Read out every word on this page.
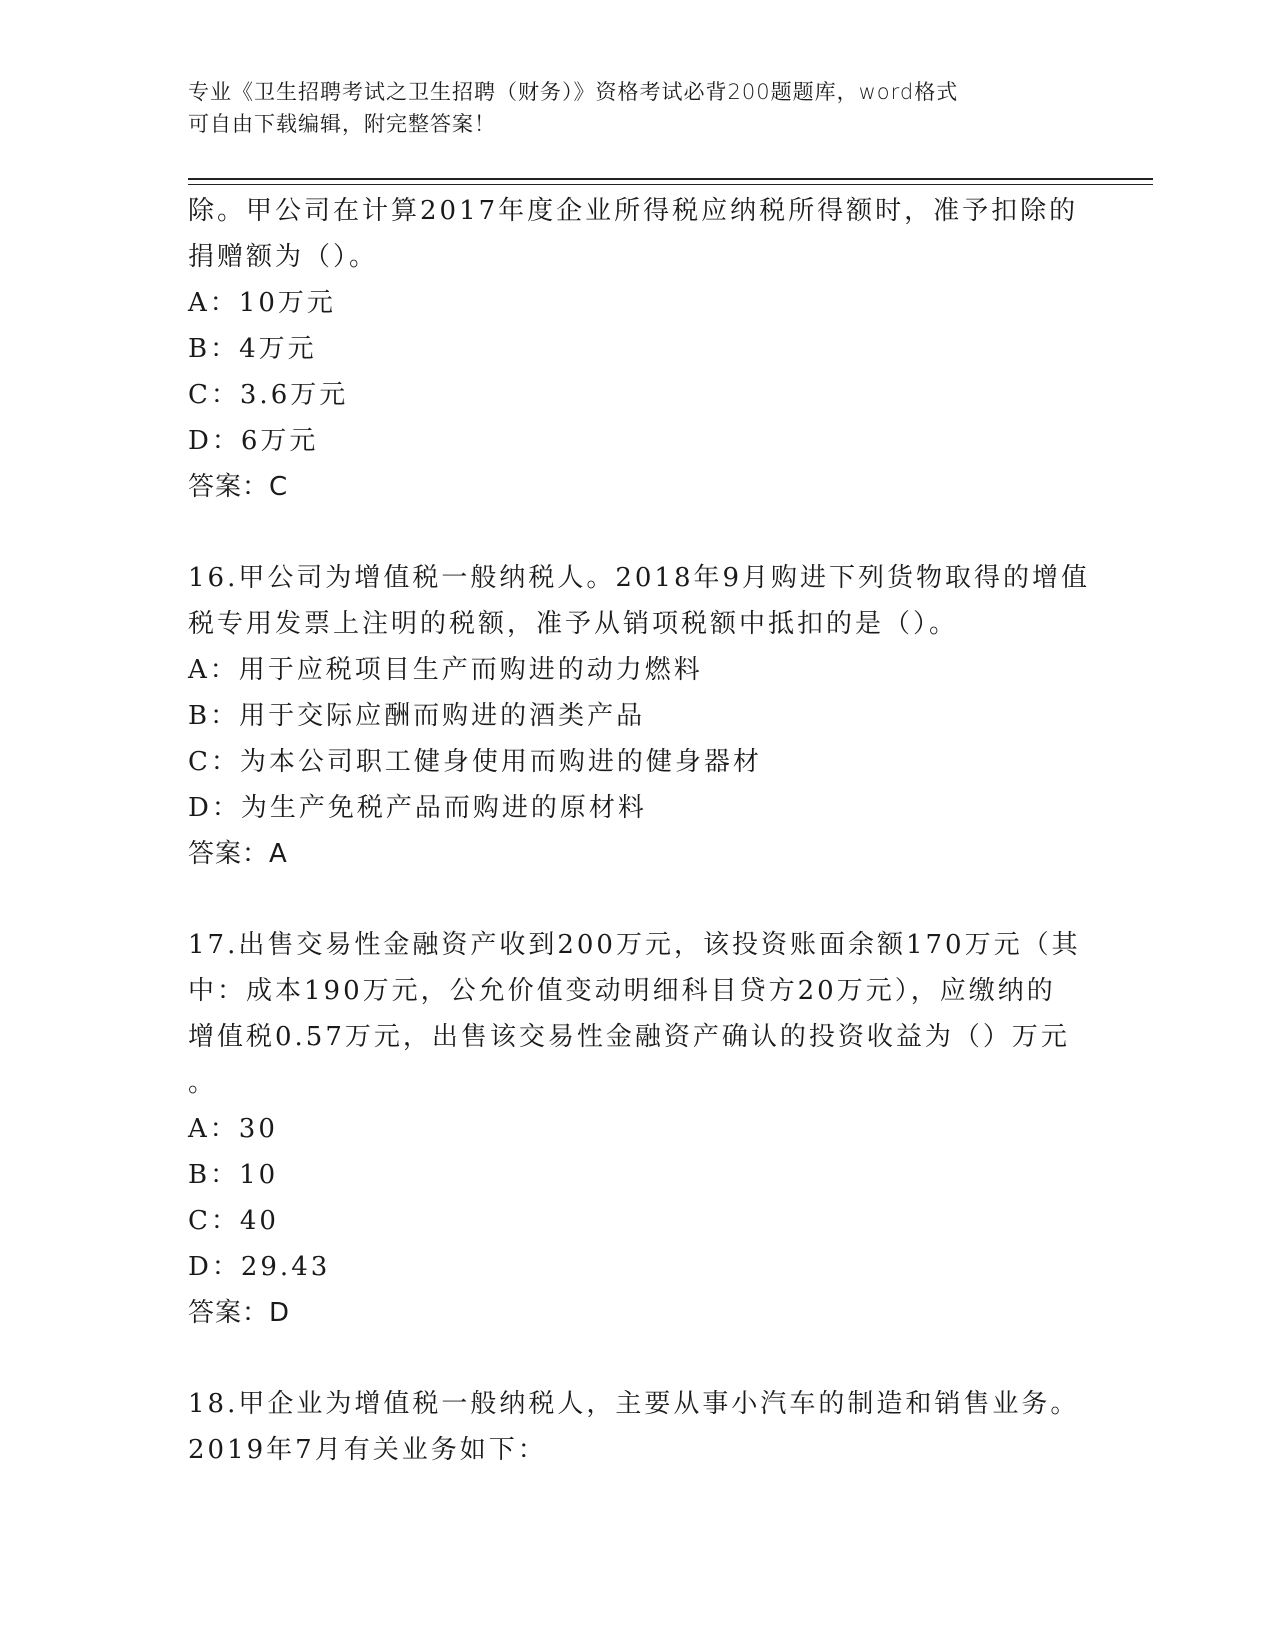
专业《卫生招聘考试之卫生招聘（财务）》资格考试必背200题题库，word格式
可自由下载编辑，附完整答案！
除。甲公司在计算2017年度企业所得税应纳税所得额时，准予扣除的
捐赠额为（）。
A：10万元
B：4万元
C：3.6万元
D：6万元
答案：C
16.甲公司为增值税一般纳税人。2018年9月购进下列货物取得的增值
税专用发票上注明的税额，准予从销项税额中抵扣的是（）。
A：用于应税项目生产而购进的动力燃料
B：用于交际应酬而购进的酒类产品
C：为本公司职工健身使用而购进的健身器材
D：为生产免税产品而购进的原材料
答案：A
17.出售交易性金融资产收到200万元，该投资账面余额170万元（其
中：成本190万元，公允价值变动明细科目贷方20万元），应缴纳的
增值税0.57万元，出售该交易性金融资产确认的投资收益为（）万元
。
A：30
B：10
C：40
D：29.43
答案：D
18.甲企业为增值税一般纳税人，主要从事小汽车的制造和销售业务。
2019年7月有关业务如下：
